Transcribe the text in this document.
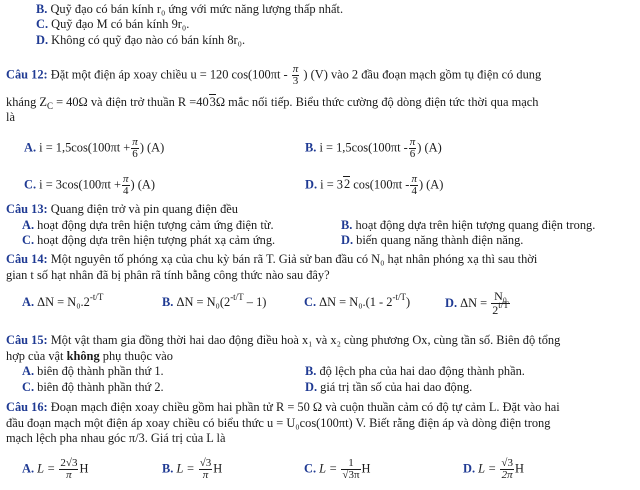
B. Quỹ đạo có bán kính r₀ ứng với mức năng lượng thấp nhất.
C. Quỹ đạo M có bán kính 9r₀.
D. Không có quỹ đạo nào có bán kính 8r₀.
Câu 12: Đặt một điện áp xoay chiều u = 120 $\cos(100\pi t - \frac{\pi}{3}$ ) (V) vào 2 đầu đoạn mạch gồm tụ điện có dung
kháng $Z_C = 40\Omega$ và điện trở thuần R =403Ω mắc nối tiếp. Biểu thức cường độ dòng điện tức thời qua mạch
là
A. $i = 1,5\cos(100\pi t + \frac{\pi}{6}$ ) (A)	B. $i = 1,5\cos(100\pi t - \frac{\pi}{6}$ ) (A)
C. $i = 3\cos(100\pi t + \frac{\pi}{4}$ ) (A)	D. i = 32 $\cos(100\pi t - \frac{\pi}{4}$ ) (A)
Câu 13: Quang điện trở và pin quang điện đều
A. hoạt động dựa trên hiện tượng cảm ứng điện từ.	B. hoạt động dựa trên hiện tượng quang điện trong.
C. hoạt động dựa trên hiện tượng phát xạ cảm ứng.	D. biến quang năng thành điện năng.
Câu 14: Một nguyên tố phóng xạ của chu kỳ bán rã T. Giả sử ban đầu có N₀ hạt nhân phóng xạ thì sau thời
gian t số hạt nhân đã bị phân rã tính bằng công thức nào sau đây?
A. $\Delta N = N_0.2^{-t/T}$	B. $\Delta N = N_0(2^{-t/T} - 1)$	C. $\Delta N = N_0.(1 - 2^{-t/T})$	D. $\Delta N = \frac{\text{N₀}}{2^{t/T}}$
Câu 15: Một vật tham gia đồng thời hai dao động điều hoà x₁ và x₂ cùng phương Ox, cùng tần số. Biên độ tổng
hợp của vật không phụ thuộc vào
A. biên độ thành phần thứ 1.	B. độ lệch pha của hai dao động thành phần.
C. biên độ thành phần thứ 2.	D. giá trị tần số của hai dao động.
Câu 16: Đoạn mạch điện xoay chiều gồm hai phần tử R = 50 Ω và cuộn thuần cảm có độ tự cảm L. Đặt vào hai
đầu đoạn mạch một điện áp xoay chiều có biểu thức u = U₀cos(100πt) V. Biết rằng điện áp và dòng điện trong
mạch lệch pha nhau góc π/3. Giá trị của L là
A. $L = \frac{2√3}{\pi}$ H	B. $L = \frac{√3}{\pi}$ H	C. $L = \frac{1}{√3\pi}$ H	D. $L = \frac{√3}{2\pi}$ H
